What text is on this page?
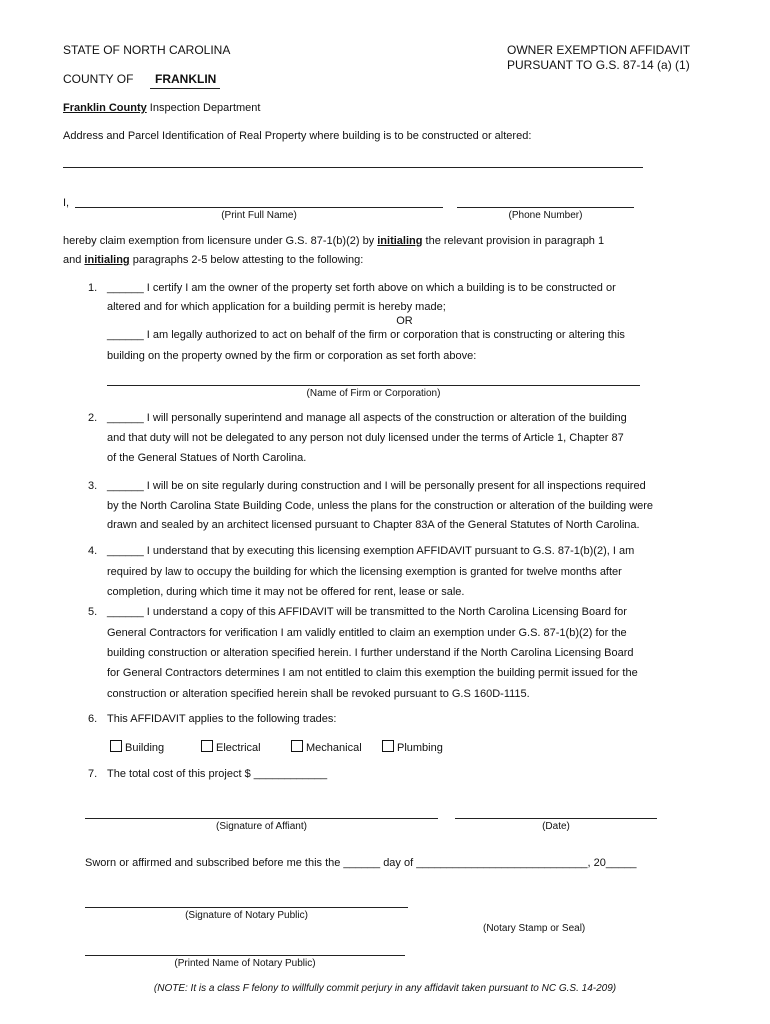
STATE OF NORTH CAROLINA
COUNTY OF FRANKLIN
OWNER EXEMPTION AFFIDAVIT
PURSUANT TO G.S. 87-14 (a) (1)
Franklin County Inspection Department
Address and Parcel Identification of Real Property where building is to be constructed or altered:
I,
(Print Full Name)	(Phone Number)
hereby claim exemption from licensure under G.S. 87-1(b)(2) by initialing the relevant provision in paragraph 1
and initialing paragraphs 2-5 below attesting to the following:
1. ______ I certify I am the owner of the property set forth above on which a building is to be constructed or
altered and for which application for a building permit is hereby made;
OR
______ I am legally authorized to act on behalf of the firm or corporation that is constructing or altering this
building on the property owned by the firm or corporation as set forth above:
(Name of Firm or Corporation)
2. ______ I will personally superintend and manage all aspects of the construction or alteration of the building
and that duty will not be delegated to any person not duly licensed under the terms of Article 1, Chapter 87
of the General Statues of North Carolina.
3. ______ I will be on site regularly during construction and I will be personally present for all inspections required
by the North Carolina State Building Code, unless the plans for the construction or alteration of the building were
drawn and sealed by an architect licensed pursuant to Chapter 83A of the General Statutes of North Carolina.
4. ______ I understand that by executing this licensing exemption AFFIDAVIT pursuant to G.S. 87-1(b)(2), I am
required by law to occupy the building for which the licensing exemption is granted for twelve months after
completion, during which time it may not be offered for rent, lease or sale.
5. ______ I understand a copy of this AFFIDAVIT will be transmitted to the North Carolina Licensing Board for
General Contractors for verification I am validly entitled to claim an exemption under G.S. 87-1(b)(2) for the
building construction or alteration specified herein. I further understand if the North Carolina Licensing Board
for General Contractors determines I am not entitled to claim this exemption the building permit issued for the
construction or alteration specified herein shall be revoked pursuant to G.S 160D-1115.
6. This AFFIDAVIT applies to the following trades:
Building	Electrical	Mechanical	Plumbing
7. The total cost of this project $ ____________
(Signature of Affiant)	(Date)
Sworn or affirmed and subscribed before me this the ______ day of ____________________________, 20_____
(Signature of Notary Public)
(Notary Stamp or Seal)
(Printed Name of Notary Public)
(NOTE: It is a class F felony to willfully commit perjury in any affidavit taken pursuant to NC G.S. 14-209)
